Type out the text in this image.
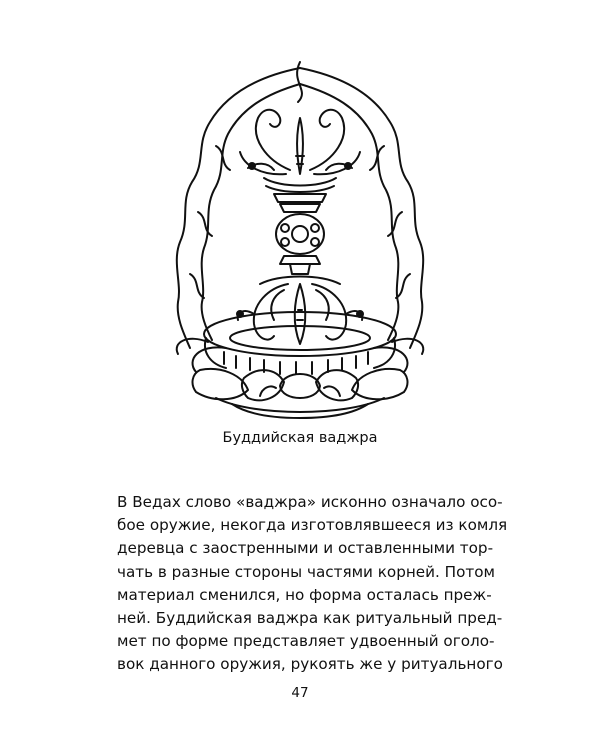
Буддийская ваджра
В Ведах слово «ваджра» исконно означало осо-
бое оружие, некогда изготовлявшееся из комля
деревца с заостренными и оставленными тор-
чать в разные стороны частями корней. Потом
материал сменился, но форма осталась преж-
ней. Буддийская ваджра как ритуальный пред-
мет по форме представляет удвоенный оголо-
вок данного оружия, рукоять же у ритуального
47
